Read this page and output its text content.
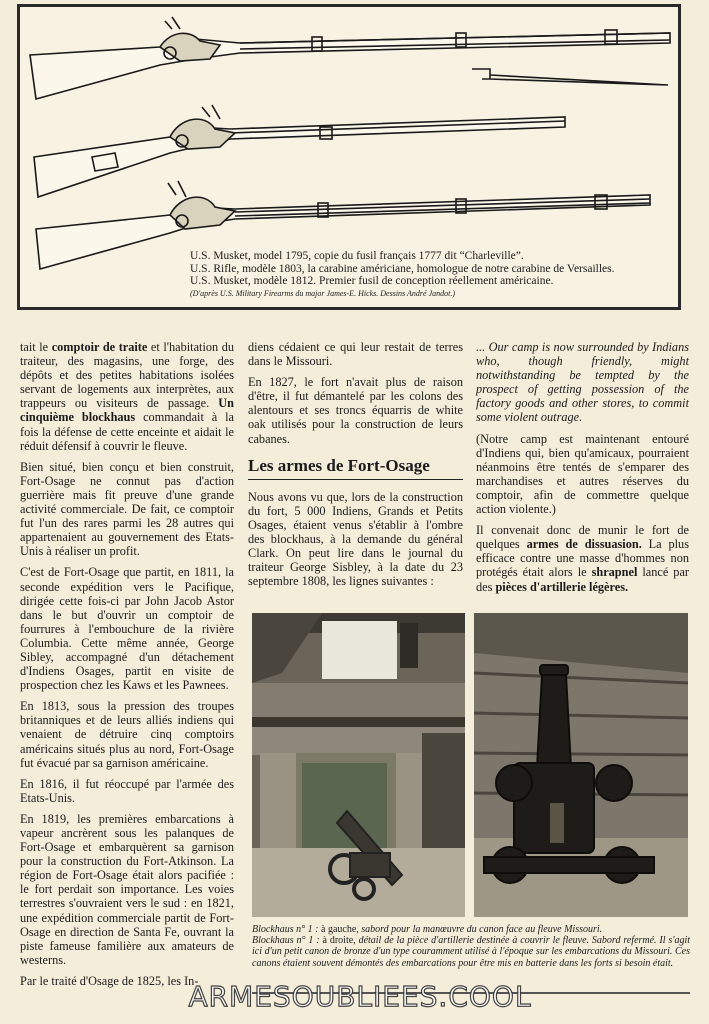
U.S. Musket, model 1795, copie du fusil français 1777 dit “Charleville”.
U.S. Rifle, modèle 1803, la carabine américiane, homologue de notre carabine de Versailles.
U.S. Musket, modèle 1812. Premier fusil de conception réellement américaine.
(D'après U.S. Military Firearms du major James-E. Hicks. Dessins André Jandot.)

tait le comptoir de traite et l'habitation du traiteur, des magasins, une forge, des dépôts et des petites habitations isolées servant de logements aux interprètes, aux trappeurs ou visiteurs de passage. Un cinquième blockhaus commandait à la fois la défense de cette enceinte et aidait le réduit défensif à couvrir le fleuve.

Bien situé, bien conçu et bien construit, Fort-Osage ne connut pas d'action guerrière mais fit preuve d'une grande activité commerciale. De fait, ce comptoir fut l'un des rares parmi les 28 autres qui appartenaient au gouvernement des Etats-Unis à réaliser un profit.

C'est de Fort-Osage que partit, en 1811, la seconde expédition vers le Pacifique, dirigée cette fois-ci par John Jacob Astor dans le but d'ouvrir un comptoir de fourrures à l'embouchure de la rivière Columbia. Cette même année, George Sibley, accompagné d'un détachement d'Indiens Osages, partit en visite de prospection chez les Kaws et les Pawnees.

En 1813, sous la pression des troupes britanniques et de leurs alliés indiens qui venaient de détruire cinq comptoirs américains situés plus au nord, Fort-Osage fut évacué par sa garnison américaine.

En 1816, il fut réoccupé par l'armée des Etats-Unis.

En 1819, les premières embarcations à vapeur ancrèrent sous les palanques de Fort-Osage et embarquèrent sa garnison pour la construction du Fort-Atkinson. La région de Fort-Osage était alors pacifiée : le fort perdait son importance. Les voies terrestres s'ouvraient vers le sud : en 1821, une expédition commerciale partit de Fort-Osage en direction de Santa Fe, ouvrant la piste fameuse familière aux amateurs de westerns.

Par le traité d'Osage de 1825, les In-

diens cédaient ce qui leur restait de terres dans le Missouri.

En 1827, le fort n'avait plus de raison d'être, il fut démantelé par les colons des alentours et ses troncs équarris de white oak utilisés pour la construction de leurs cabanes.

Les armes de Fort-Osage

Nous avons vu que, lors de la construction du fort, 5 000 Indiens, Grands et Petits Osages, étaient venus s'établir à l'ombre des blockhaus, à la demande du général Clark. On peut lire dans le journal du traiteur George Sisbley, à la date du 23 septembre 1808, les lignes suivantes :

... Our camp is now surrounded by Indians who, though friendly, might notwithstanding be tempted by the prospect of getting possession of the factory goods and other stores, to commit some violent outrage.

(Notre camp est maintenant entouré d'Indiens qui, bien qu'amicaux, pourraient néanmoins être tentés de s'emparer des marchandises et autres réserves du comptoir, afin de commettre quelque action violente.)

Il convenait donc de munir le fort de quelques armes de dissuasion. La plus efficace contre une masse d'hommes non protégés était alors le shrapnel lancé par des pièces d'artillerie légères.

Blockhaus n° 1 : à gauche, sabord pour la manœuvre du canon face au fleuve Missouri.
Blockhaus n° 1 : à droite, détail de la pièce d'artillerie destinée à couvrir le fleuve. Sabord refermé. Il s'agit ici d'un petit canon de bronze d'un type couramment utilisé à l'époque sur les embarcations du Missouri. Ces canons étaient souvent démontés des embarcations pour être mis en batterie dans les forts si besoin était.
ARMESOUBLIEES.COOL
